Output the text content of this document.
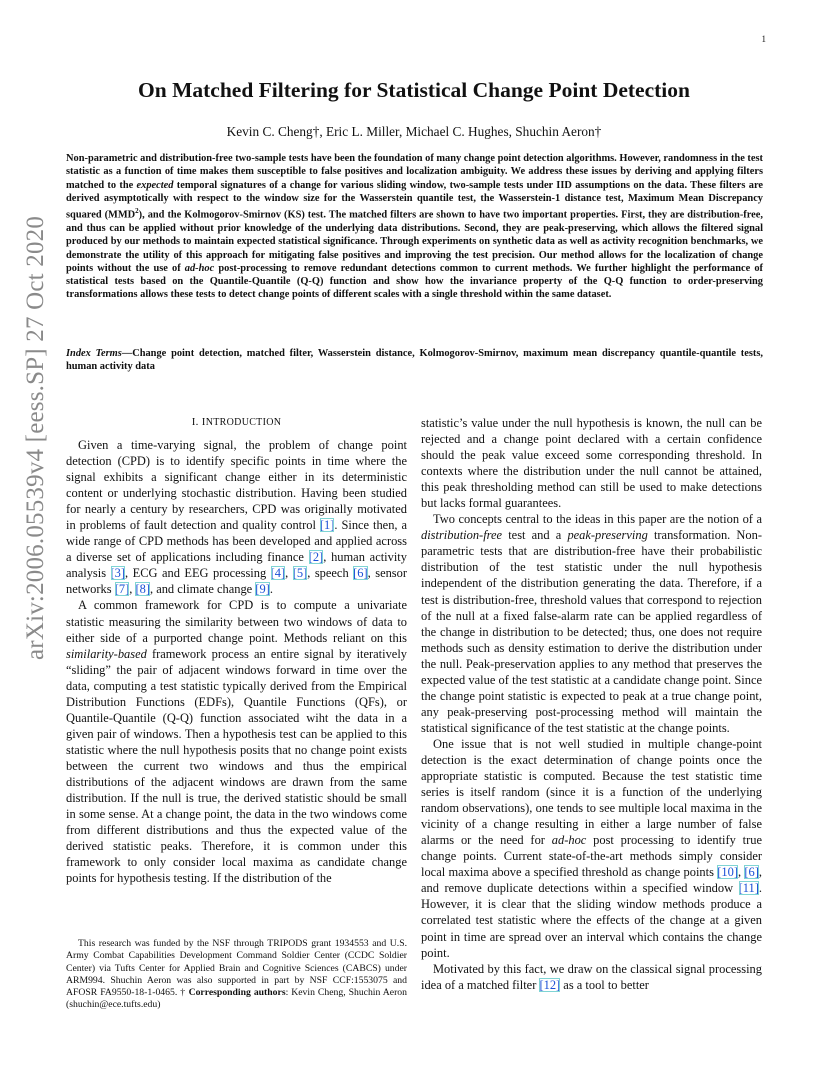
1
arXiv:2006.05539v4 [eess.SP] 27 Oct 2020
On Matched Filtering for Statistical Change Point Detection
Kevin C. Cheng†, Eric L. Miller, Michael C. Hughes, Shuchin Aeron†
Non-parametric and distribution-free two-sample tests have been the foundation of many change point detection algorithms. However, randomness in the test statistic as a function of time makes them susceptible to false positives and localization ambiguity. We address these issues by deriving and applying filters matched to the expected temporal signatures of a change for various sliding window, two-sample tests under IID assumptions on the data. These filters are derived asymptotically with respect to the window size for the Wasserstein quantile test, the Wasserstein-1 distance test, Maximum Mean Discrepancy squared (MMD$^2$), and the Kolmogorov-Smirnov (KS) test. The matched filters are shown to have two important properties. First, they are distribution-free, and thus can be applied without prior knowledge of the underlying data distributions. Second, they are peak-preserving, which allows the filtered signal produced by our methods to maintain expected statistical significance. Through experiments on synthetic data as well as activity recognition benchmarks, we demonstrate the utility of this approach for mitigating false positives and improving the test precision. Our method allows for the localization of change points without the use of ad-hoc post-processing to remove redundant detections common to current methods. We further highlight the performance of statistical tests based on the Quantile-Quantile (Q-Q) function and show how the invariance property of the Q-Q function to order-preserving transformations allows these tests to detect change points of different scales with a single threshold within the same dataset.
Index Terms—Change point detection, matched filter, Wasserstein distance, Kolmogorov-Smirnov, maximum mean discrepancy quantile-quantile tests, human activity data
I. INTRODUCTION

Given a time-varying signal, the problem of change point detection (CPD) is to identify specific points in time where the signal exhibits a significant change either in its deterministic content or underlying stochastic distribution. Having been studied for nearly a century by researchers, CPD was originally motivated in problems of fault detection and quality control [1]. Since then, a wide range of CPD methods has been developed and applied across a diverse set of applications including finance [2], human activity analysis [3], ECG and EEG processing [4], [5], speech [6], sensor networks [7], [8], and climate change [9].

A common framework for CPD is to compute a univariate statistic measuring the similarity between two windows of data to either side of a purported change point. Methods reliant on this similarity-based framework process an entire signal by iteratively “sliding” the pair of adjacent windows forward in time over the data, computing a test statistic typically derived from the Empirical Distribution Functions (EDFs), Quantile Functions (QFs), or Quantile-Quantile (Q-Q) function associated wiht the data in a given pair of windows. Then a hypothesis test can be applied to this statistic where the null hypothesis posits that no change point exists between the current two windows and thus the empirical distributions of the adjacent windows are drawn from the same distribution. If the null is true, the derived statistic should be small in some sense. At a change point, the data in the two windows come from different distributions and thus the expected value of the derived statistic peaks. Therefore, it is common under this framework to only consider local maxima as candidate change points for hypothesis testing. If the distribution of the

This research was funded by the NSF through TRIPODS grant 1934553 and U.S. Army Combat Capabilities Development Command Soldier Center (CCDC Soldier Center) via Tufts Center for Applied Brain and Cognitive Sciences (CABCS) under ARM994. Shuchin Aeron was also supported in part by NSF CCF:1553075 and AFOSR FA9550-18-1-0465. † Corresponding authors: Kevin Cheng, Shuchin Aeron (shuchin@ece.tufts.edu)

statistic’s value under the null hypothesis is known, the null can be rejected and a change point declared with a certain confidence should the peak value exceed some corresponding threshold. In contexts where the distribution under the null cannot be attained, this peak thresholding method can still be used to make detections but lacks formal guarantees.

Two concepts central to the ideas in this paper are the notion of a distribution-free test and a peak-preserving transformation. Non-parametric tests that are distribution-free have their probabilistic distribution of the test statistic under the null hypothesis independent of the distribution generating the data. Therefore, if a test is distribution-free, threshold values that correspond to rejection of the null at a fixed false-alarm rate can be applied regardless of the change in distribution to be detected; thus, one does not require methods such as density estimation to derive the distribution under the null. Peak-preservation applies to any method that preserves the expected value of the test statistic at a candidate change point. Since the change point statistic is expected to peak at a true change point, any peak-preserving post-processing method will maintain the statistical significance of the test statistic at the change points.

One issue that is not well studied in multiple change-point detection is the exact determination of change points once the appropriate statistic is computed. Because the test statistic time series is itself random (since it is a function of the underlying random observations), one tends to see multiple local maxima in the vicinity of a change resulting in either a large number of false alarms or the need for ad-hoc post processing to identify true change points. Current state-of-the-art methods simply consider local maxima above a specified threshold as change points [10], [6], and remove duplicate detections within a specified window [11]. However, it is clear that the sliding window methods produce a correlated test statistic where the effects of the change at a given point in time are spread over an interval which contains the change point.

Motivated by this fact, we draw on the classical signal processing idea of a matched filter [12] as a tool to better
